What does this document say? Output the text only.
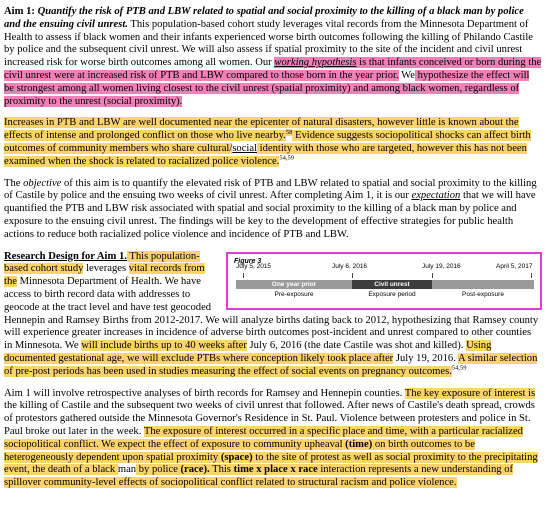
Aim 1: Quantify the risk of PTB and LBW related to spatial and social proximity to the killing of a black man by police and the ensuing civil unrest. This population-based cohort study leverages vital records from the Minnesota Department of Health to assess if black women and their infants experienced worse birth outcomes following the killing of Philando Castile by police and the subsequent civil unrest. We will also assess if spatial proximity to the site of the incident and civil unrest increased risk for worse birth outcomes among all women. Our working hypothesis is that infants conceived or born during the civil unrest were at increased risk of PTB and LBW compared to those born in the year prior. We hypothesize the effect will be strongest among all women living closest to the civil unrest (spatial proximity) and among black women, regardless of proximity to the unrest (social proximity).

Increases in PTB and LBW are well documented near the epicenter of natural disasters, however little is known about the effects of intense and prolonged conflict on those who live nearby.$^{58}$ Evidence suggests sociopolitical shocks can affect birth outcomes of community members who share cultural/social identity with those who are targeted, however this has not been examined when the shock is related to racialized police violence.$^{54,59}$

The objective of this aim is to quantify the elevated risk of PTB and LBW related to spatial and social proximity to the killing of Castile by police and the ensuing two weeks of civil unrest. After completing Aim 1, it is our expectation that we will have quantified the PTB and LBW risk associated with spatial and social proximity to the killing of a black man by police and exposure to the ensuing civil unrest. The findings will be key to the development of effective strategies for public health actions to reduce both racialized police violence and incidence of PTB and LBW.

Figure 3
July 5, 2015	July 6, 2016	July 19, 2016	April 5, 2017
One year prior	Civil unrest
Pre-exposure	Exposure period	Post-exposure

Research Design for Aim 1. This population-based cohort study leverages vital records from the Minnesota Department of Health. We have access to birth record data with addresses to geocode at the tract level and have test geocoded Hennepin and Ramsey Births from 2012-2017. We will analyze births dating back to 2012, hypothesizing that Ramsey county will experience greater increases in incidence of adverse birth outcomes post-incident and unrest compared to other counties in Minnesota. We will include births up to 40 weeks after July 6, 2016 (the date Castile was shot and killed). Using documented gestational age, we will exclude PTBs where conception likely took place after July 19, 2016. A similar selection of pre-post periods has been used in studies measuring the effect of social events on pregnancy outcomes.$^{54,59}$

Aim 1 will involve retrospective analyses of birth records for Ramsey and Hennepin counties. The key exposure of interest is the killing of Castile and the subsequent two weeks of civil unrest that followed. After news of Castile's death spread, crowds of protestors gathered outside the Minnesota Governor's Residence in St. Paul. Violence between protesters and police in St. Paul broke out later in the week. The exposure of interest occurred in a specific place and time, with a particular racialized sociopolitical conflict. We expect the effect of exposure to community upheaval (time) on birth outcomes to be heterogeneously dependent upon spatial proximity (space) to the site of protest as well as social proximity to the precipitating event, the death of a black man by police (race). This time x place x race interaction represents a new understanding of spillover community-level effects of sociopolitical conflict related to structural racism and police violence.
